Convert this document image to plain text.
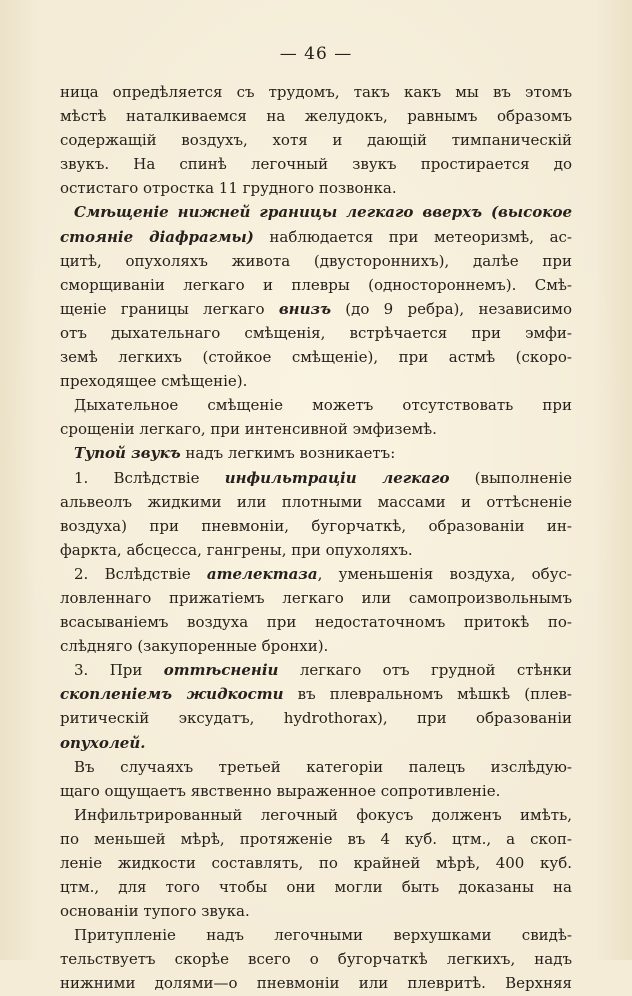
— 46 —
ница опредѣляется съ трудомъ, такъ какъ мы въ этомъ
мѣстѣ наталкиваемся на желудокъ, равнымъ образомъ
содержащій воздухъ, хотя и дающій тимпаническій
звукъ. На спинѣ легочный звукъ простирается до
остистаго отростка 11 грудного позвонка.
Смѣщеніе нижней границы легкаго вверхъ (высокое
стояніе діафрагмы) наблюдается при метеоризмѣ, ас-
цитѣ, опухоляхъ живота (двустороннихъ), далѣе при
сморщиваніи легкаго и плевры (одностороннемъ). Смѣ-
щеніе границы легкаго внизъ (до 9 ребра), независимо
отъ дыхательнаго смѣщенія, встрѣчается при эмфи-
земѣ легкихъ (стойкое смѣщеніе), при астмѣ (скоро-
преходящее смѣщеніе).
Дыхательное смѣщеніе можетъ отсутствовать при
срощеніи легкаго, при интенсивной эмфиземѣ.
Тупой звукъ надъ легкимъ возникаетъ:
1. Вслѣдствіе инфильтраціи легкаго (выполненіе
альвеолъ жидкими или плотными массами и оттѣсненіе
воздуха) при пневмоніи, бугорчаткѣ, образованіи ин-
фаркта, абсцесса, гангрены, при опухоляхъ.
2. Вслѣдствіе ателектаза, уменьшенія воздуха, обус-
ловленнаго прижатіемъ легкаго или самопроизвольнымъ
всасываніемъ воздуха при недостаточномъ притокѣ по-
слѣдняго (закупоренные бронхи).
3. При оттѣсненіи легкаго отъ грудной стѣнки
скопленіемъ жидкости въ плевральномъ мѣшкѣ (плев-
ритическій эксудатъ, hydrothorax), при образованіи
опухолей.
Въ случаяхъ третьей категоріи палецъ изслѣдую-
щаго ощущаетъ явственно выраженное сопротивленіе.
Инфильтрированный легочный фокусъ долженъ имѣть,
по меньшей мѣрѣ, протяженіе въ 4 куб. цтм., а скоп-
леніе жидкости составлять, по крайней мѣрѣ, 400 куб.
цтм., для того чтобы они могли быть доказаны на
основаніи тупого звука.
Притупленіе надъ легочными верхушками свидѣ-
тельствуетъ скорѣе всего о бугорчаткѣ легкихъ, надъ
нижними долями—о пневмоніи или плевритѣ. Верхняя
